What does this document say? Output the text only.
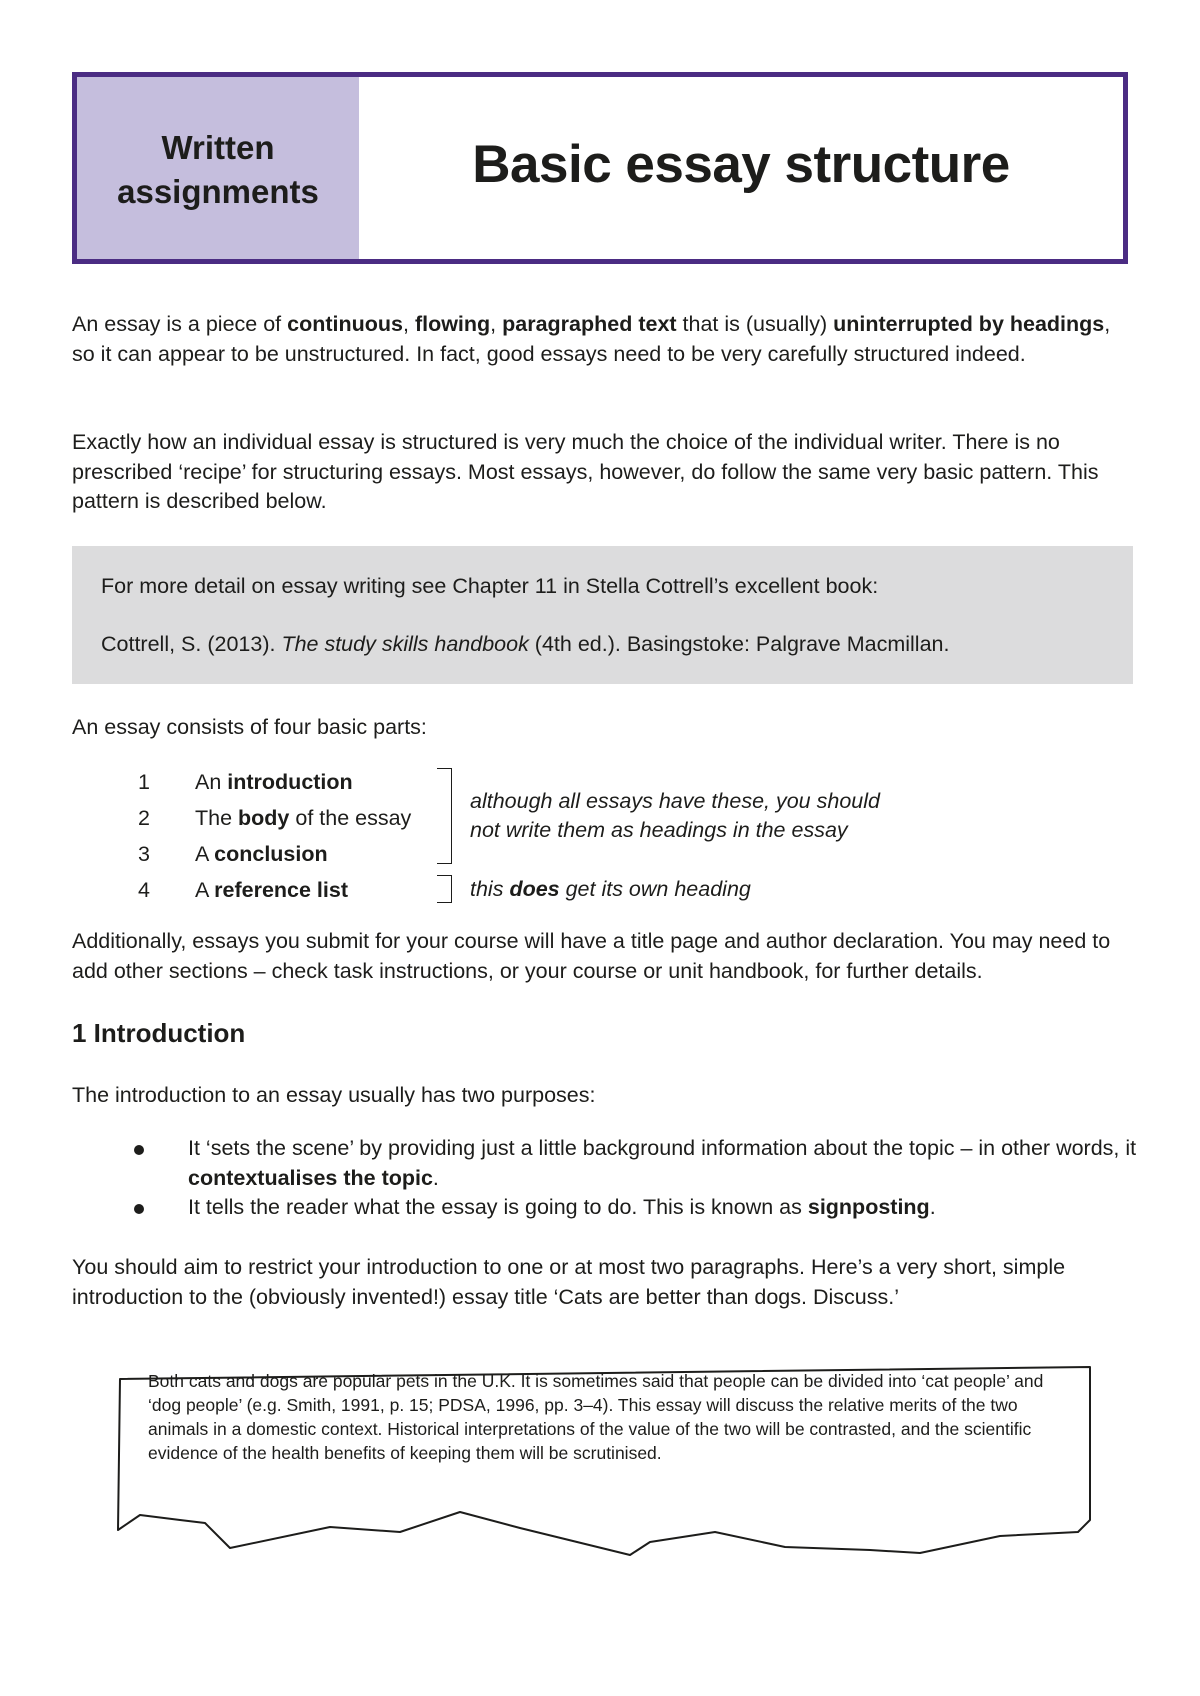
Written
assignments	Basic essay structure

An essay is a piece of continuous, flowing, paragraphed text that is (usually) uninterrupted by headings, so it can appear to be unstructured. In fact, good essays need to be very carefully structured indeed.

Exactly how an individual essay is structured is very much the choice of the individual writer. There is no prescribed ‘recipe’ for structuring essays. Most essays, however, do follow the same very basic pattern. This pattern is described below.

For more detail on essay writing see Chapter 11 in Stella Cottrell’s excellent book:

Cottrell, S. (2013). The study skills handbook (4th ed.). Basingstoke: Palgrave Macmillan.

An essay consists of four basic parts:

1 An introduction
2 The body of the essay
3 A conclusion
4 A reference list
although all essays have these, you should
not write them as headings in the essay
this does get its own heading

Additionally, essays you submit for your course will have a title page and author declaration. You may need to add other sections – check task instructions, or your course or unit handbook, for further details.

1 Introduction

The introduction to an essay usually has two purposes:

It ‘sets the scene’ by providing just a little background information about the topic – in other words, it contextualises the topic.
It tells the reader what the essay is going to do. This is known as signposting.

You should aim to restrict your introduction to one or at most two paragraphs. Here’s a very short, simple introduction to the (obviously invented!) essay title ‘Cats are better than dogs. Discuss.’

Both cats and dogs are popular pets in the U.K. It is sometimes said that people can be divided into ‘cat people’ and ‘dog people’ (e.g. Smith, 1991, p. 15; PDSA, 1996, pp. 3–4). This essay will discuss the relative merits of the two animals in a domestic context. Historical interpretations of the value of the two will be contrasted, and the scientific evidence of the health benefits of keeping them will be scrutinised.
